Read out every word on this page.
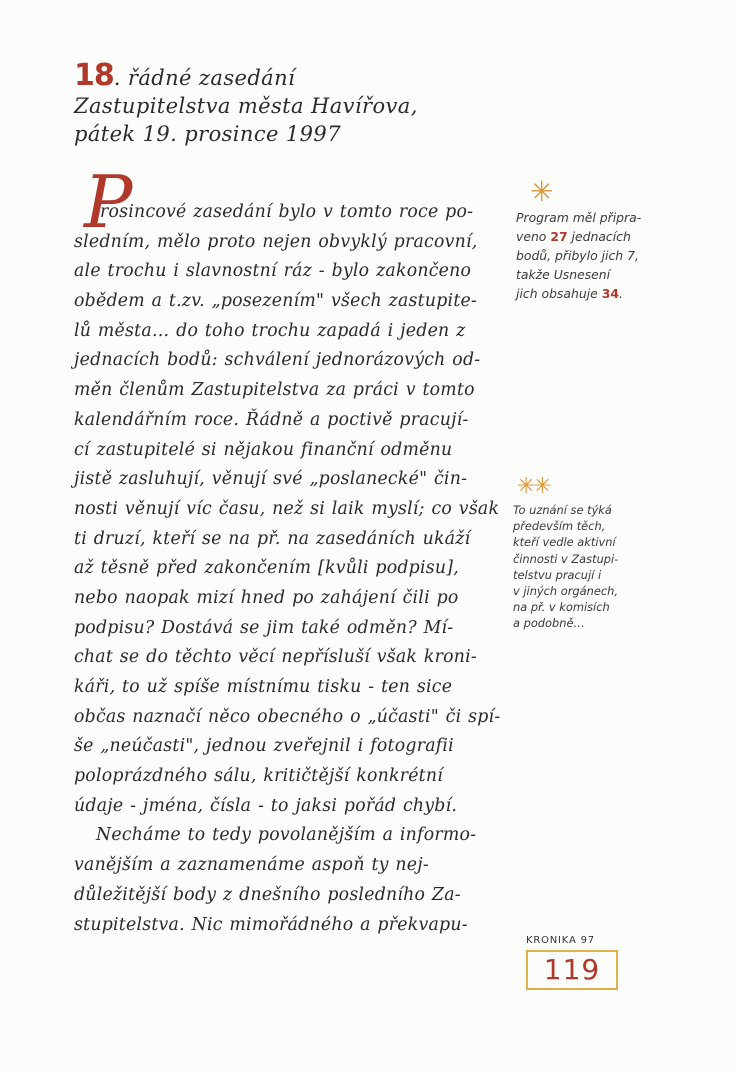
18. řádné zasedání
Zastupitelstva města Havířova,
pátek 19. prosince 1997
P
rosincové zasedání bylo v tomto roce po-
sledním, mělo proto nejen obvyklý pracovní,
ale trochu i slavnostní ráz - bylo zakončeno
obědem a t.zv. „posezením" všech zastupite-
lů města… do toho trochu zapadá i jeden z
jednacích bodů: schválení jednorázových od-
měn členům Zastupitelstva za práci v tomto
kalendářním roce. Řádně a poctivě pracují-
cí zastupitelé si nějakou finanční odměnu
jistě zasluhují, věnují své „poslanecké" čin-
nosti věnují víc času, než si laik myslí; co však
ti druzí, kteří se na př. na zasedáních ukáží
až těsně před zakončením [kvůli podpisu],
nebo naopak mizí hned po zahájení čili po
podpisu? Dostává se jim také odměn? Mí-
chat se do těchto věcí nepřísluší však kroni-
káři, to už spíše místnímu tisku - ten sice
občas naznačí něco obecného o „účasti" či spí-
še „neúčasti", jednou zveřejnil i fotografii
poloprázdného sálu, kritičtější konkrétní
údaje - jména, čísla - to jaksi pořád chybí.
Necháme to tedy povolanějším a informo-
vanějším a zaznamenáme aspoň ty nej-
důležitější body z dnešního posledního Za-
stupitelstva. Nic mimořádného a překvapu-
✳
Program měl připra-
veno 27 jednacích
bodů, přibylo jich 7,
takže Usnesení
jich obsahuje 34.
✳✳
To uznání se týká
především těch,
kteří vedle aktivní
činnosti v Zastupi-
telstvu pracují i
v jiných orgánech,
na př. v komisích
a podobně…
KRONIKA 97
119
